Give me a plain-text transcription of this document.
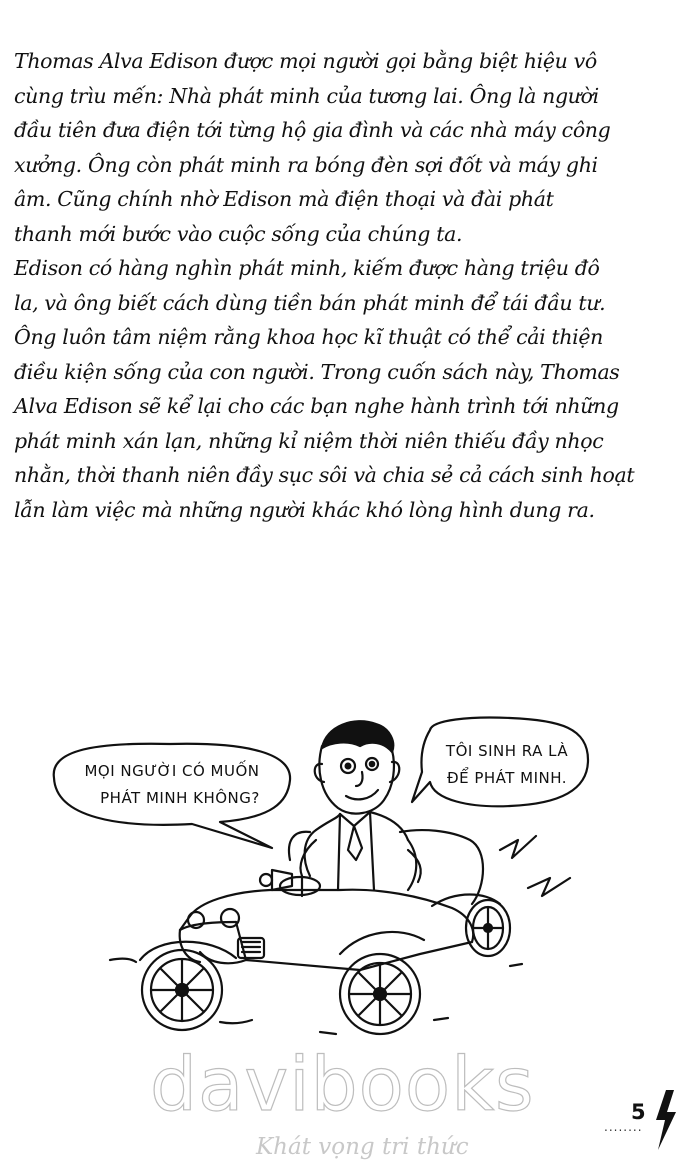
Thomas Alva Edison được mọi người gọi bằng biệt hiệu vô

cùng trìu mến: Nhà phát minh của tương lai. Ông là người

đầu tiên đưa điện tới từng hộ gia đình và các nhà máy công

xưởng. Ông còn phát minh ra bóng đèn sợi đốt và máy ghi

âm. Cũng chính nhờ Edison mà điện thoại và đài phát

thanh mới bước vào cuộc sống của chúng ta.

Edison có hàng nghìn phát minh, kiếm được hàng triệu đô

la, và ông biết cách dùng tiền bán phát minh để tái đầu tư.

Ông luôn tâm niệm rằng khoa học kĩ thuật có thể cải thiện

điều kiện sống của con người. Trong cuốn sách này, Thomas

Alva Edison sẽ kể lại cho các bạn nghe hành trình tới những

phát minh xán lạn, những kỉ niệm thời niên thiếu đầy nhọc

nhằn, thời thanh niên đầy sục sôi và chia sẻ cả cách sinh hoạt

lẫn làm việc mà những người khác khó lòng hình dung ra.

MỌI NGƯỜI CÓ MUỐN
PHÁT MINH KHÔNG?
TÔI SINH RA LÀ
ĐỂ PHÁT MINH.
davibooks
Khát vọng tri thức
........
5
